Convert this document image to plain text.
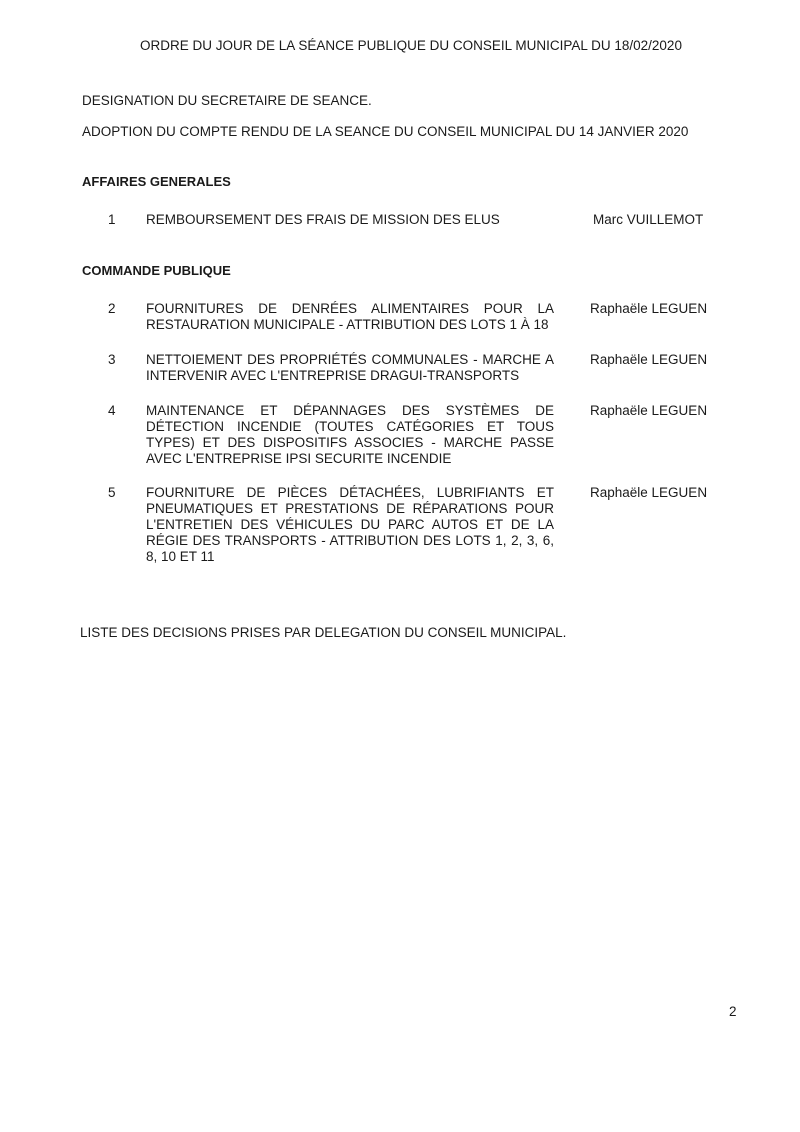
ORDRE DU JOUR DE LA SÉANCE PUBLIQUE DU CONSEIL MUNICIPAL DU 18/02/2020
DESIGNATION DU SECRETAIRE DE SEANCE.
ADOPTION DU COMPTE RENDU DE LA SEANCE DU CONSEIL MUNICIPAL DU 14 JANVIER 2020
AFFAIRES GENERALES
1 REMBOURSEMENT DES FRAIS DE MISSION DES ELUS	Marc VUILLEMOT
COMMANDE PUBLIQUE
2 FOURNITURES DE DENRÉES ALIMENTAIRES POUR LA RESTAURATION MUNICIPALE - ATTRIBUTION DES LOTS 1 À 18
Raphaële LEGUEN
3 NETTOIEMENT DES PROPRIÉTÉS COMMUNALES - MARCHE A INTERVENIR AVEC L'ENTREPRISE DRAGUI-TRANSPORTS
Raphaële LEGUEN
4 MAINTENANCE ET DÉPANNAGES DES SYSTÈMES DE DÉTECTION INCENDIE (TOUTES CATÉGORIES ET TOUS TYPES) ET DES DISPOSITIFS ASSOCIES - MARCHE PASSE AVEC L'ENTREPRISE IPSI SECURITE INCENDIE
Raphaële LEGUEN
5 FOURNITURE DE PIÈCES DÉTACHÉES, LUBRIFIANTS ET PNEUMATIQUES ET PRESTATIONS DE RÉPARATIONS POUR L'ENTRETIEN DES VÉHICULES DU PARC AUTOS ET DE LA RÉGIE DES TRANSPORTS - ATTRIBUTION DES LOTS 1, 2, 3, 6, 8, 10 ET 11
Raphaële LEGUEN
LISTE DES DECISIONS PRISES PAR DELEGATION DU CONSEIL MUNICIPAL.
2
